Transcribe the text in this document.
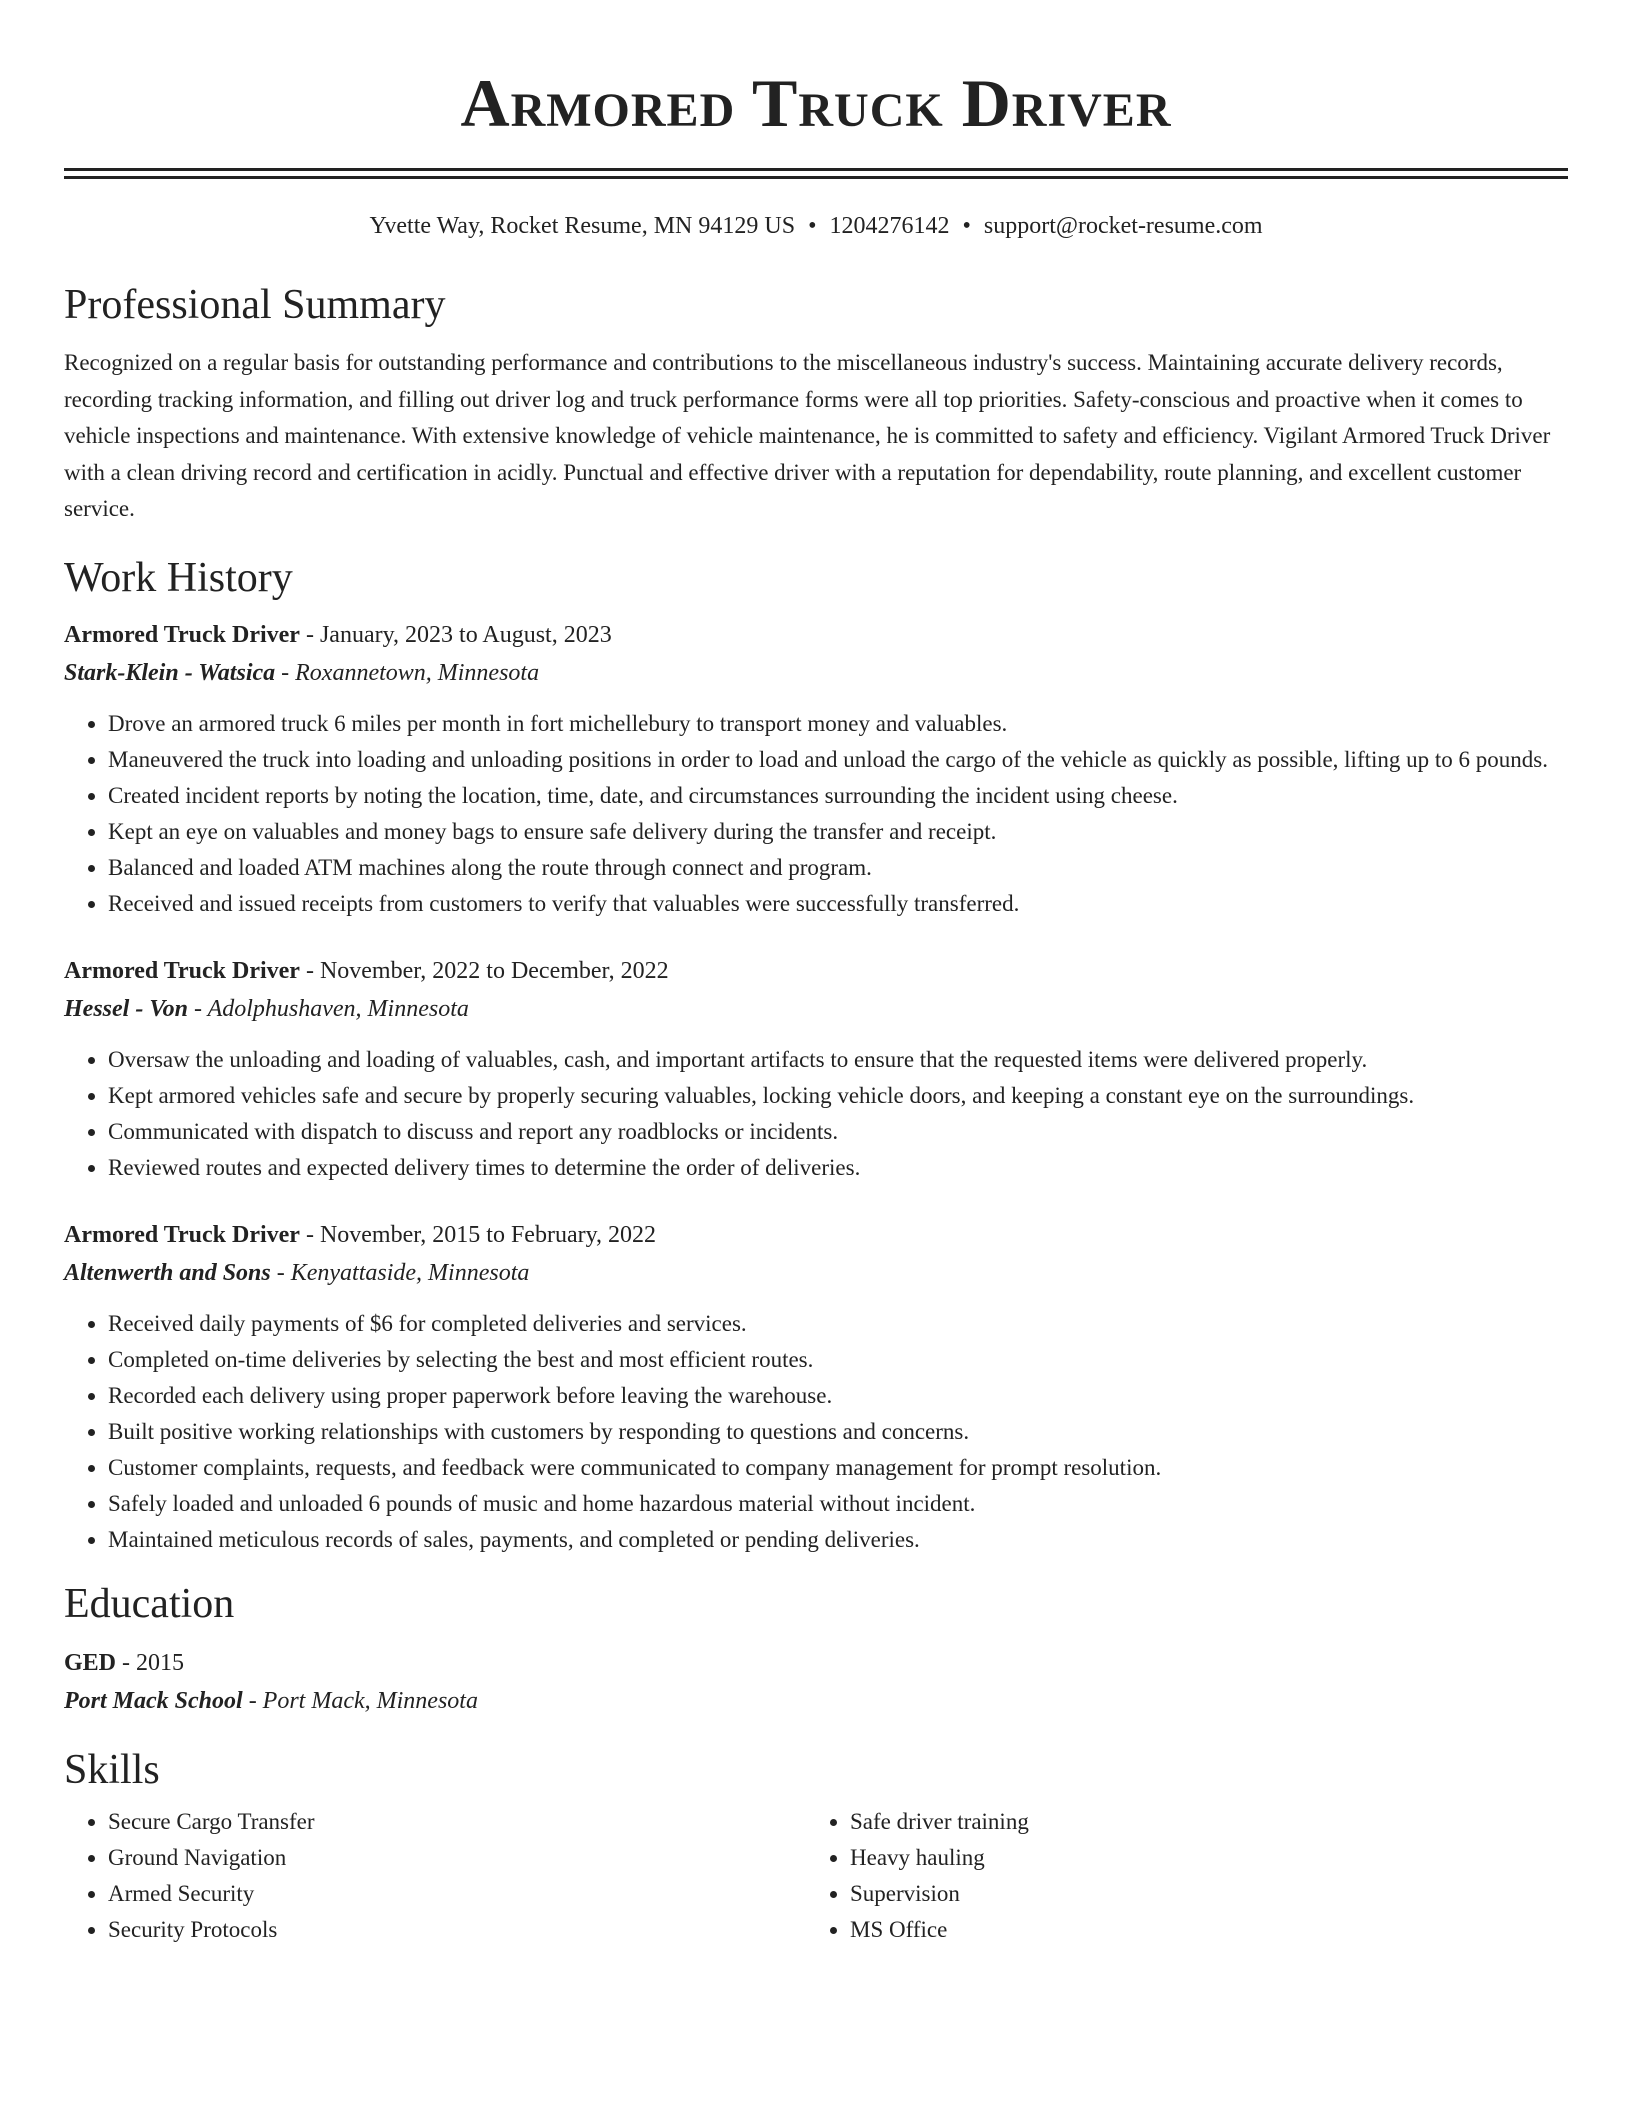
Armored Truck Driver
Yvette Way, Rocket Resume, MN 94129 US • 1204276142 • support@rocket-resume.com
Professional Summary
Recognized on a regular basis for outstanding performance and contributions to the miscellaneous industry's success. Maintaining accurate delivery records, recording tracking information, and filling out driver log and truck performance forms were all top priorities. Safety-conscious and proactive when it comes to vehicle inspections and maintenance. With extensive knowledge of vehicle maintenance, he is committed to safety and efficiency. Vigilant Armored Truck Driver with a clean driving record and certification in acidly. Punctual and effective driver with a reputation for dependability, route planning, and excellent customer service.
Work History
Armored Truck Driver - January, 2023 to August, 2023
Stark-Klein - Watsica - Roxannetown, Minnesota
• Drove an armored truck 6 miles per month in fort michellebury to transport money and valuables.
• Maneuvered the truck into loading and unloading positions in order to load and unload the cargo of the vehicle as quickly as possible, lifting up to 6 pounds.
• Created incident reports by noting the location, time, date, and circumstances surrounding the incident using cheese.
• Kept an eye on valuables and money bags to ensure safe delivery during the transfer and receipt.
• Balanced and loaded ATM machines along the route through connect and program.
• Received and issued receipts from customers to verify that valuables were successfully transferred.
Armored Truck Driver - November, 2022 to December, 2022
Hessel - Von - Adolphushaven, Minnesota
• Oversaw the unloading and loading of valuables, cash, and important artifacts to ensure that the requested items were delivered properly.
• Kept armored vehicles safe and secure by properly securing valuables, locking vehicle doors, and keeping a constant eye on the surroundings.
• Communicated with dispatch to discuss and report any roadblocks or incidents.
• Reviewed routes and expected delivery times to determine the order of deliveries.
Armored Truck Driver - November, 2015 to February, 2022
Altenwerth and Sons - Kenyattaside, Minnesota
• Received daily payments of $6 for completed deliveries and services.
• Completed on-time deliveries by selecting the best and most efficient routes.
• Recorded each delivery using proper paperwork before leaving the warehouse.
• Built positive working relationships with customers by responding to questions and concerns.
• Customer complaints, requests, and feedback were communicated to company management for prompt resolution.
• Safely loaded and unloaded 6 pounds of music and home hazardous material without incident.
• Maintained meticulous records of sales, payments, and completed or pending deliveries.
Education
GED - 2015
Port Mack School - Port Mack, Minnesota
Skills
• Secure Cargo Transfer
• Ground Navigation
• Armed Security
• Security Protocols
• Safe driver training
• Heavy hauling
• Supervision
• MS Office
